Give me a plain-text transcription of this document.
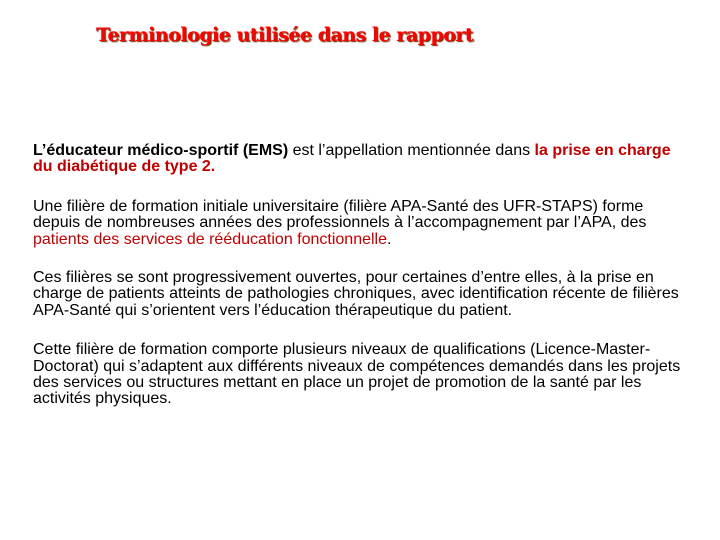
Terminologie utilisée dans le rapport

L’éducateur médico-sportif (EMS) est l’appellation mentionnée dans la prise en charge du diabétique de type 2.

Une filière de formation initiale universitaire (filière APA-Santé des UFR-STAPS) forme depuis de nombreuses années des professionnels à l’accompagnement par l’APA, des patients des services de rééducation fonctionnelle.

Ces filières se sont progressivement ouvertes, pour certaines d’entre elles, à la prise en charge de patients atteints de pathologies chroniques, avec identification récente de filières APA-Santé qui s’orientent vers l’éducation thérapeutique du patient.

Cette filière de formation comporte plusieurs niveaux de qualifications (Licence-Master-Doctorat) qui s’adaptent aux différents niveaux de compétences demandés dans les projets des services ou structures mettant en place un projet de promotion de la santé par les activités physiques.
